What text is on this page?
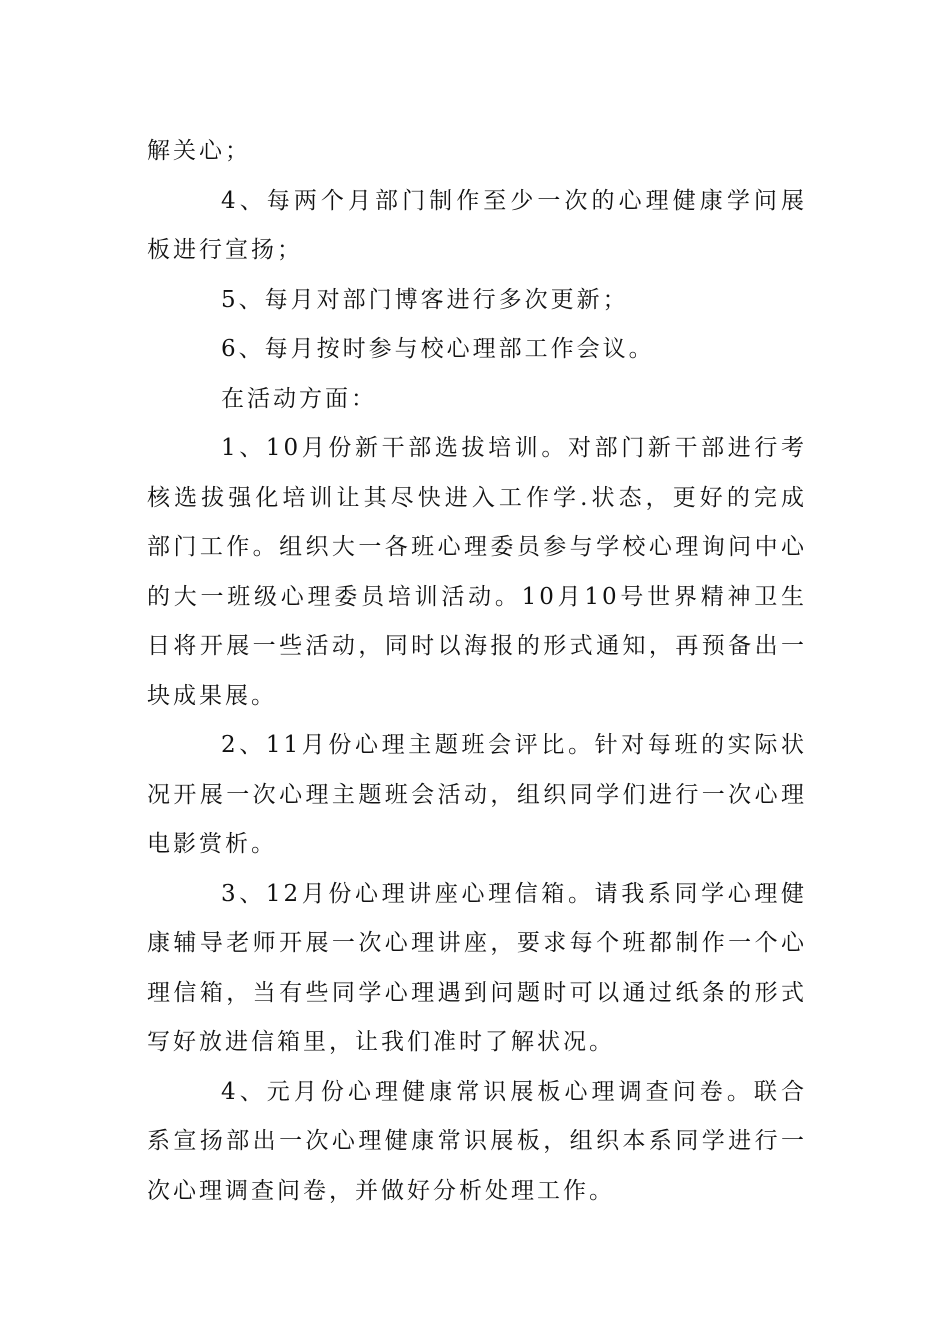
解关心；

4、每两个月部门制作至少一次的心理健康学问展板进行宣扬；

5、每月对部门博客进行多次更新；

6、每月按时参与校心理部工作会议。

在活动方面：

1、10月份新干部选拔培训。对部门新干部进行考核选拔强化培训让其尽快进入工作学.状态，更好的完成部门工作。组织大一各班心理委员参与学校心理询问中心的大一班级心理委员培训活动。10月10号世界精神卫生日将开展一些活动，同时以海报的形式通知，再预备出一块成果展。

2、11月份心理主题班会评比。针对每班的实际状况开展一次心理主题班会活动，组织同学们进行一次心理电影赏析。

3、12月份心理讲座心理信箱。请我系同学心理健康辅导老师开展一次心理讲座，要求每个班都制作一个心理信箱，当有些同学心理遇到问题时可以通过纸条的形式写好放进信箱里，让我们准时了解状况。

4、元月份心理健康常识展板心理调查问卷。联合系宣扬部出一次心理健康常识展板，组织本系同学进行一次心理调查问卷，并做好分析处理工作。
